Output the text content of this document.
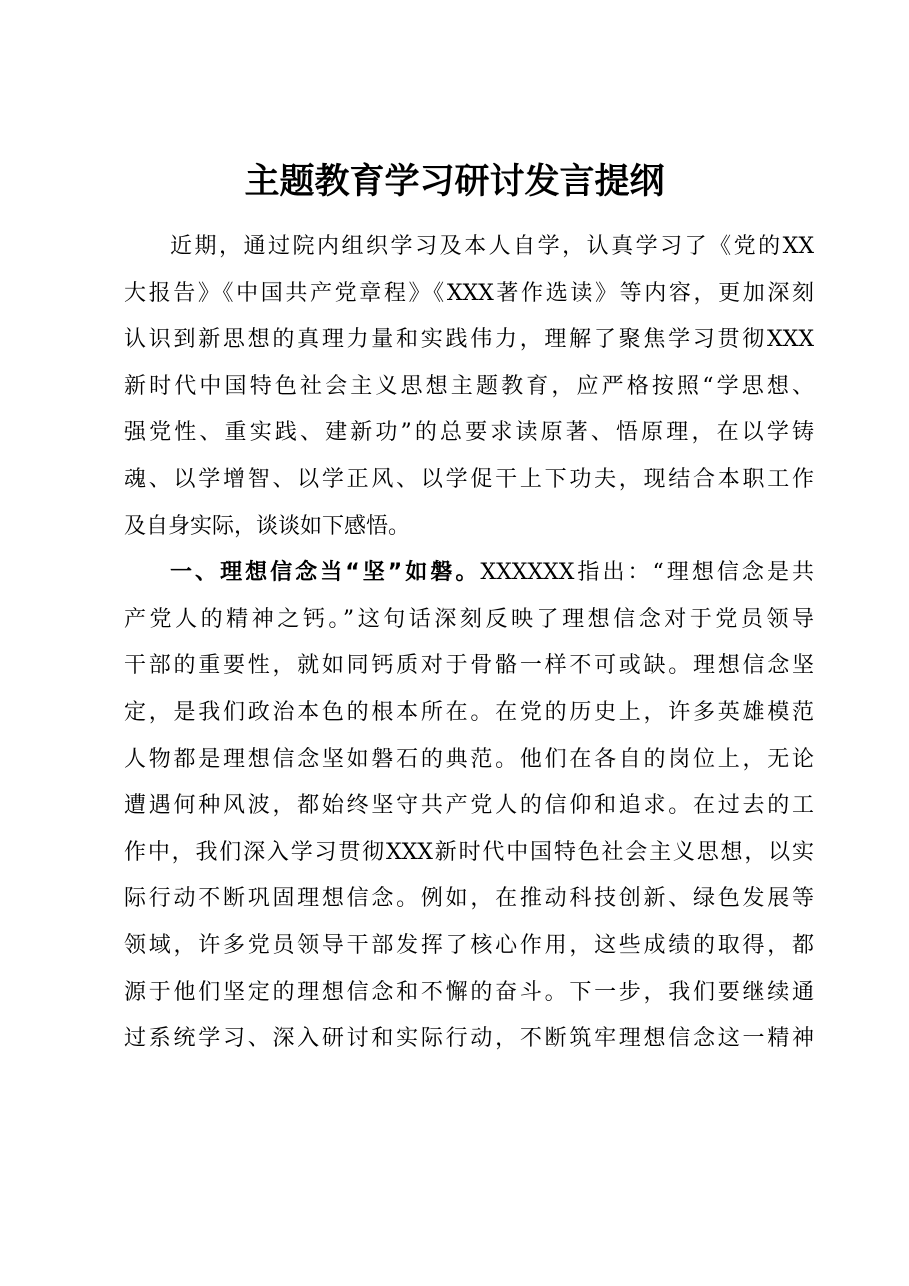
主题教育学习研讨发言提纲
近期，通过院内组织学习及本人自学，认真学习了《党的XX
大报告》《中国共产党章程》《XXX著作选读》等内容，更加深刻
认识到新思想的真理力量和实践伟力，理解了聚焦学习贯彻XXX
新时代中国特色社会主义思想主题教育，应严格按照“学思想、
强党性、重实践、建新功”的总要求读原著、悟原理，在以学铸
魂、以学增智、以学正风、以学促干上下功夫，现结合本职工作
及自身实际，谈谈如下感悟。
一、理想信念当“坚”如磐。XXXXXX指出：“理想信念是共
产党人的精神之钙。”这句话深刻反映了理想信念对于党员领导
干部的重要性，就如同钙质对于骨骼一样不可或缺。理想信念坚
定，是我们政治本色的根本所在。在党的历史上，许多英雄模范
人物都是理想信念坚如磐石的典范。他们在各自的岗位上，无论
遭遇何种风波，都始终坚守共产党人的信仰和追求。在过去的工
作中，我们深入学习贯彻XXX新时代中国特色社会主义思想，以实
际行动不断巩固理想信念。例如，在推动科技创新、绿色发展等
领域，许多党员领导干部发挥了核心作用，这些成绩的取得，都
源于他们坚定的理想信念和不懈的奋斗。下一步，我们要继续通
过系统学习、深入研讨和实际行动，不断筑牢理想信念这一精神
